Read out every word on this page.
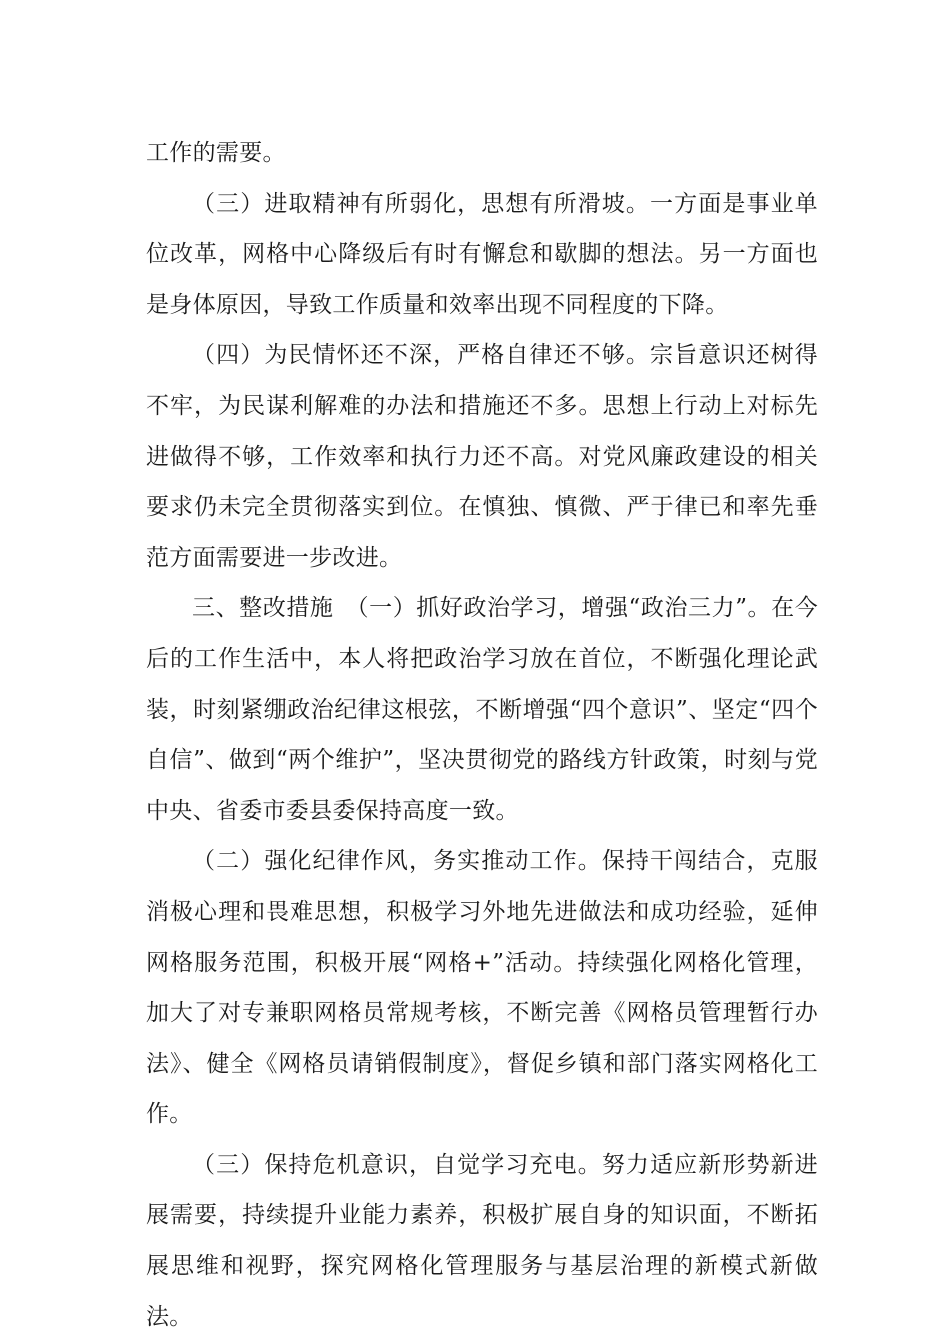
工作的需要。

（三）进取精神有所弱化，思想有所滑坡。一方面是事业单位改革，网格中心降级后有时有懈怠和歇脚的想法。另一方面也是身体原因，导致工作质量和效率出现不同程度的下降。

（四）为民情怀还不深，严格自律还不够。宗旨意识还树得不牢，为民谋利解难的办法和措施还不多。思想上行动上对标先进做得不够，工作效率和执行力还不高。对党风廉政建设的相关要求仍未完全贯彻落实到位。在慎独、慎微、严于律已和率先垂范方面需要进一步改进。

三、整改措施　（一）抓好政治学习，增强“政治三力”。在今后的工作生活中，本人将把政治学习放在首位，不断强化理论武装，时刻紧绷政治纪律这根弦，不断增强“四个意识”、坚定“四个自信”、做到“两个维护”，坚决贯彻党的路线方针政策，时刻与党中央、省委市委县委保持高度一致。

（二）强化纪律作风，务实推动工作。保持干闯结合，克服消极心理和畏难思想，积极学习外地先进做法和成功经验，延伸网格服务范围，积极开展“网格+”活动。持续强化网格化管理，加大了对专兼职网格员常规考核，不断完善《网格员管理暂行办法》、健全《网格员请销假制度》，督促乡镇和部门落实网格化工作。

（三）保持危机意识，自觉学习充电。努力适应新形势新进展需要，持续提升业能力素养，积极扩展自身的知识面，不断拓展思维和视野，探究网格化管理服务与基层治理的新模式新做法。
